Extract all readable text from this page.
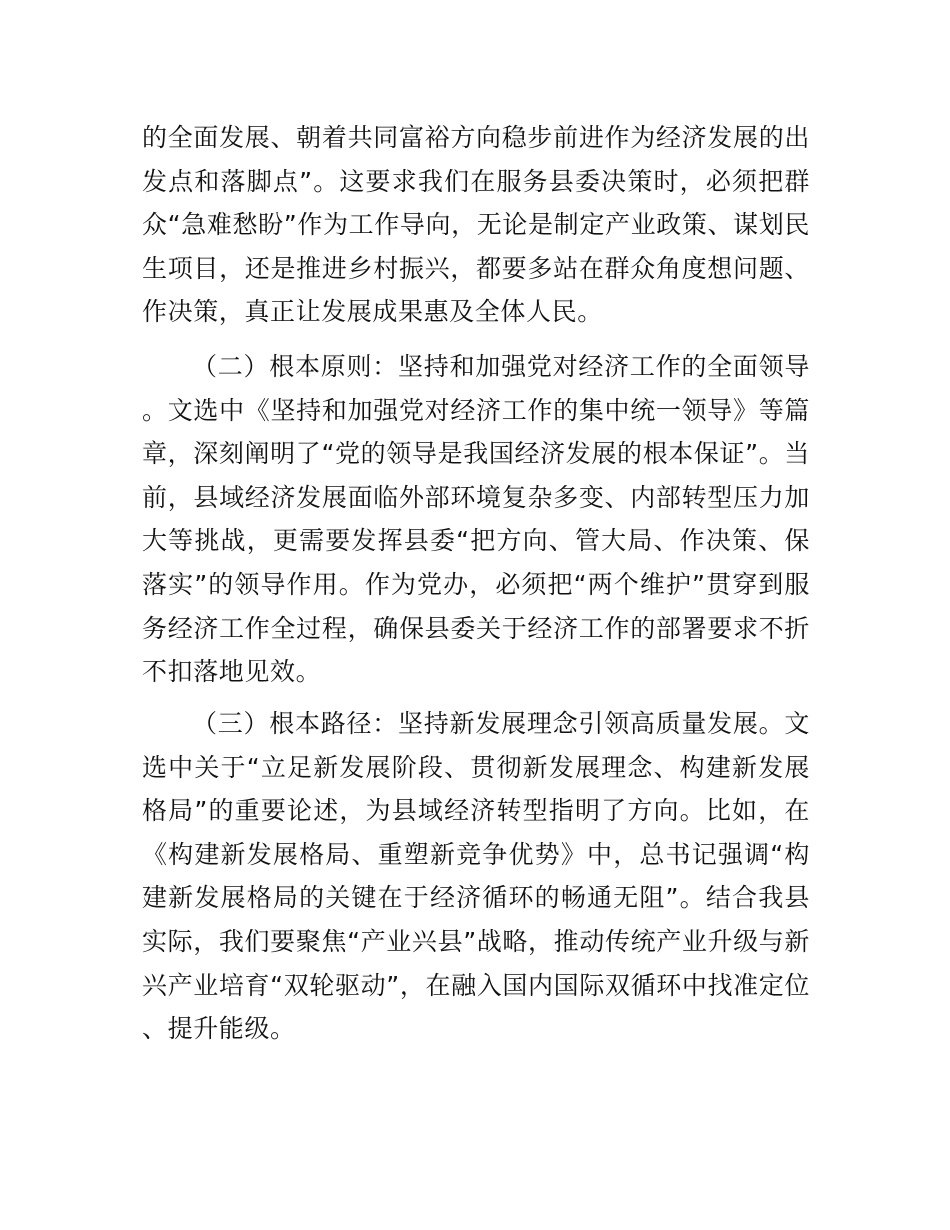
的全面发展、朝着共同富裕方向稳步前进作为经济发展的出发点和落脚点”。这要求我们在服务县委决策时，必须把群众“急难愁盼”作为工作导向，无论是制定产业政策、谋划民生项目，还是推进乡村振兴，都要多站在群众角度想问题、作决策，真正让发展成果惠及全体人民。

（二）根本原则：坚持和加强党对经济工作的全面领导。文选中《坚持和加强党对经济工作的集中统一领导》等篇章，深刻阐明了“党的领导是我国经济发展的根本保证”。当前，县域经济发展面临外部环境复杂多变、内部转型压力加大等挑战，更需要发挥县委“把方向、管大局、作决策、保落实”的领导作用。作为党办，必须把“两个维护”贯穿到服务经济工作全过程，确保县委关于经济工作的部署要求不折不扣落地见效。

（三）根本路径：坚持新发展理念引领高质量发展。文选中关于“立足新发展阶段、贯彻新发展理念、构建新发展格局”的重要论述，为县域经济转型指明了方向。比如，在《构建新发展格局、重塑新竞争优势》中，总书记强调“构建新发展格局的关键在于经济循环的畅通无阻”。结合我县实际，我们要聚焦“产业兴县”战略，推动传统产业升级与新兴产业培育“双轮驱动”，在融入国内国际双循环中找准定位、提升能级。
